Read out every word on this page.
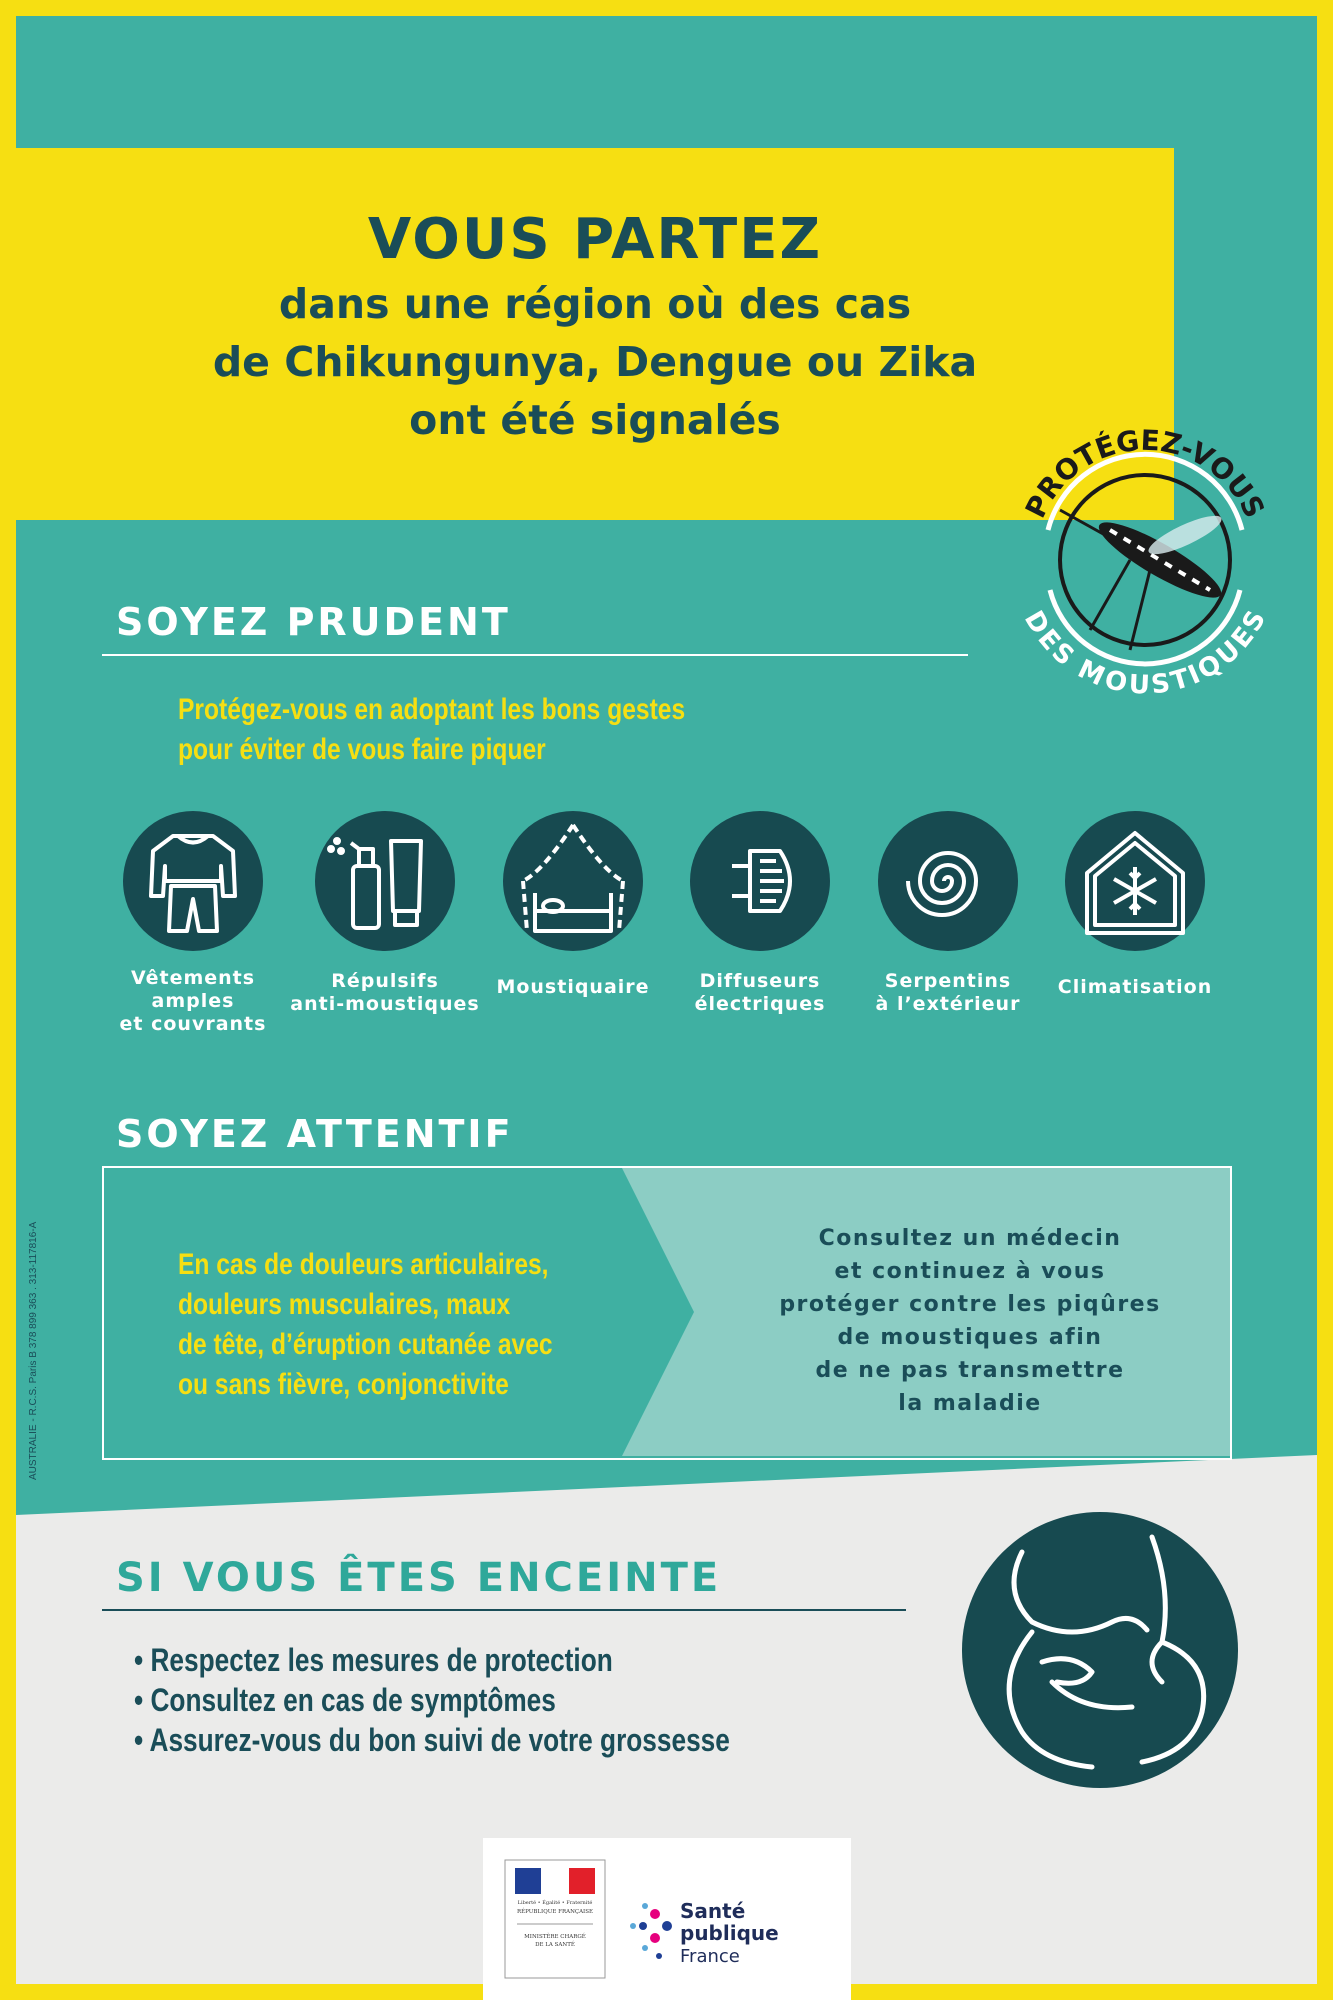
VOUS PARTEZ
dans une région où des cas
de Chikungunya, Dengue ou Zika
ont été signalés
PROTÉGEZ-VOUS
DES MOUSTIQUES
SOYEZ PRUDENT
Protégez-vous en adoptant les bons gestes
pour éviter de vous faire piquer
Vêtements
amples
et couvrants
Répulsifs
anti-moustiques
Moustiquaire	Diffuseurs
électriques
Serpentins
à l’extérieur
Climatisation
SOYEZ ATTENTIF
En cas de douleurs articulaires,
douleurs musculaires, maux
de tête, d’éruption cutanée avec
ou sans fièvre, conjonctivite
Consultez un médecin
et continuez à vous
protéger contre les piqûres
de moustiques afin
de ne pas transmettre
la maladie
SI VOUS ÊTES ENCEINTE
• Respectez les mesures de protection
• Consultez en cas de symptômes
• Assurez-vous du bon suivi de votre grossesse
Liberté • Égalité • Fraternité
RÉPUBLIQUE FRANÇAISE
MINISTÈRE CHARGÉ
DE LA SANTÉ
Santé
publique
France
AUSTRALIE - R.C.S. Paris B 378 899 363 . 313-117816-A
